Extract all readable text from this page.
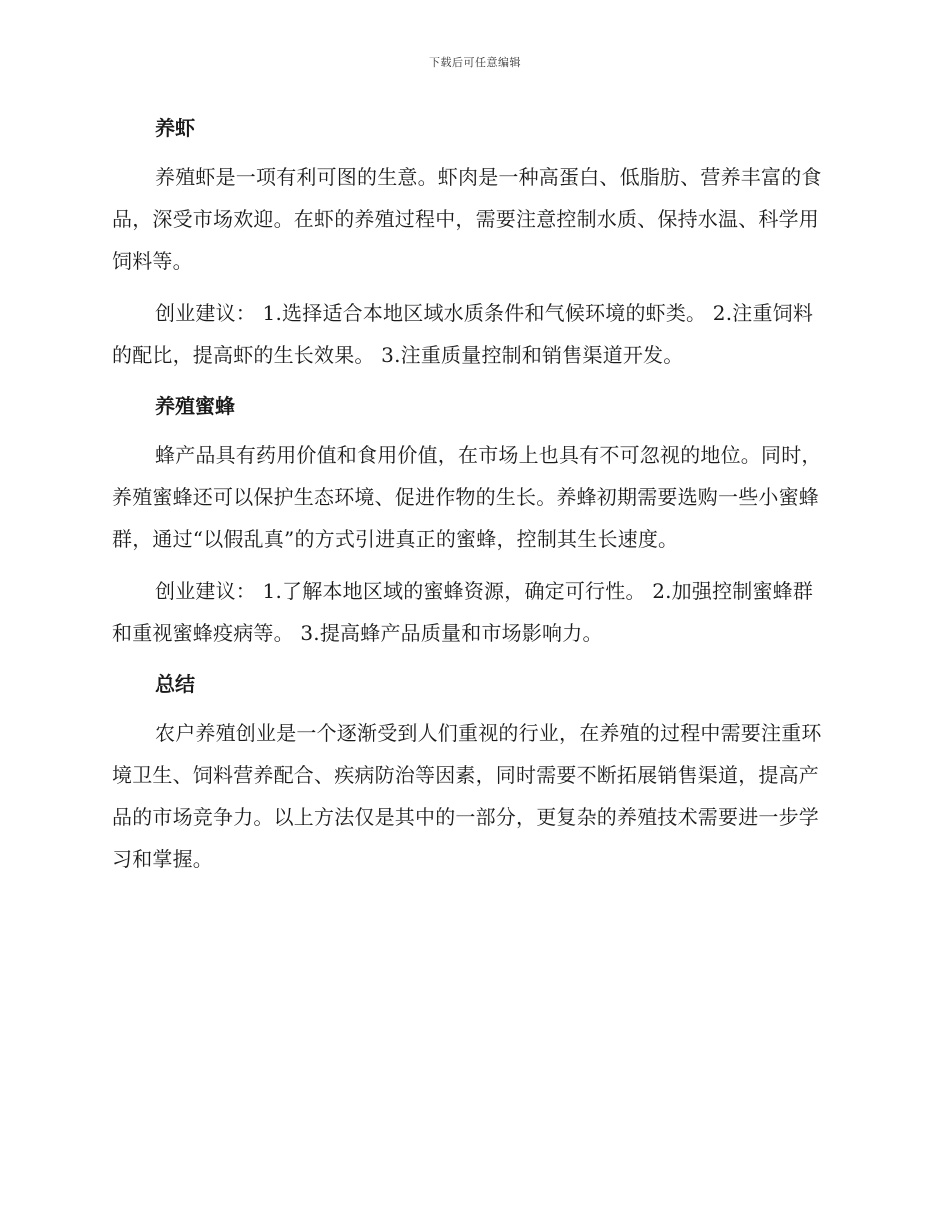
下载后可任意编辑
养虾

养殖虾是一项有利可图的生意。虾肉是一种高蛋白、低脂肪、营养丰富的食品，深受市场欢迎。在虾的养殖过程中，需要注意控制水质、保持水温、科学用饲料等。

创业建议： 1.选择适合本地区域水质条件和气候环境的虾类。 2.注重饲料的配比，提高虾的生长效果。 3.注重质量控制和销售渠道开发。

养殖蜜蜂

蜂产品具有药用价值和食用价值，在市场上也具有不可忽视的地位。同时，养殖蜜蜂还可以保护生态环境、促进作物的生长。养蜂初期需要选购一些小蜜蜂群，通过“以假乱真”的方式引进真正的蜜蜂，控制其生长速度。

创业建议： 1.了解本地区域的蜜蜂资源，确定可行性。 2.加强控制蜜蜂群和重视蜜蜂疫病等。 3.提高蜂产品质量和市场影响力。

总结

农户养殖创业是一个逐渐受到人们重视的行业，在养殖的过程中需要注重环境卫生、饲料营养配合、疾病防治等因素，同时需要不断拓展销售渠道，提高产品的市场竞争力。以上方法仅是其中的一部分，更复杂的养殖技术需要进一步学习和掌握。
